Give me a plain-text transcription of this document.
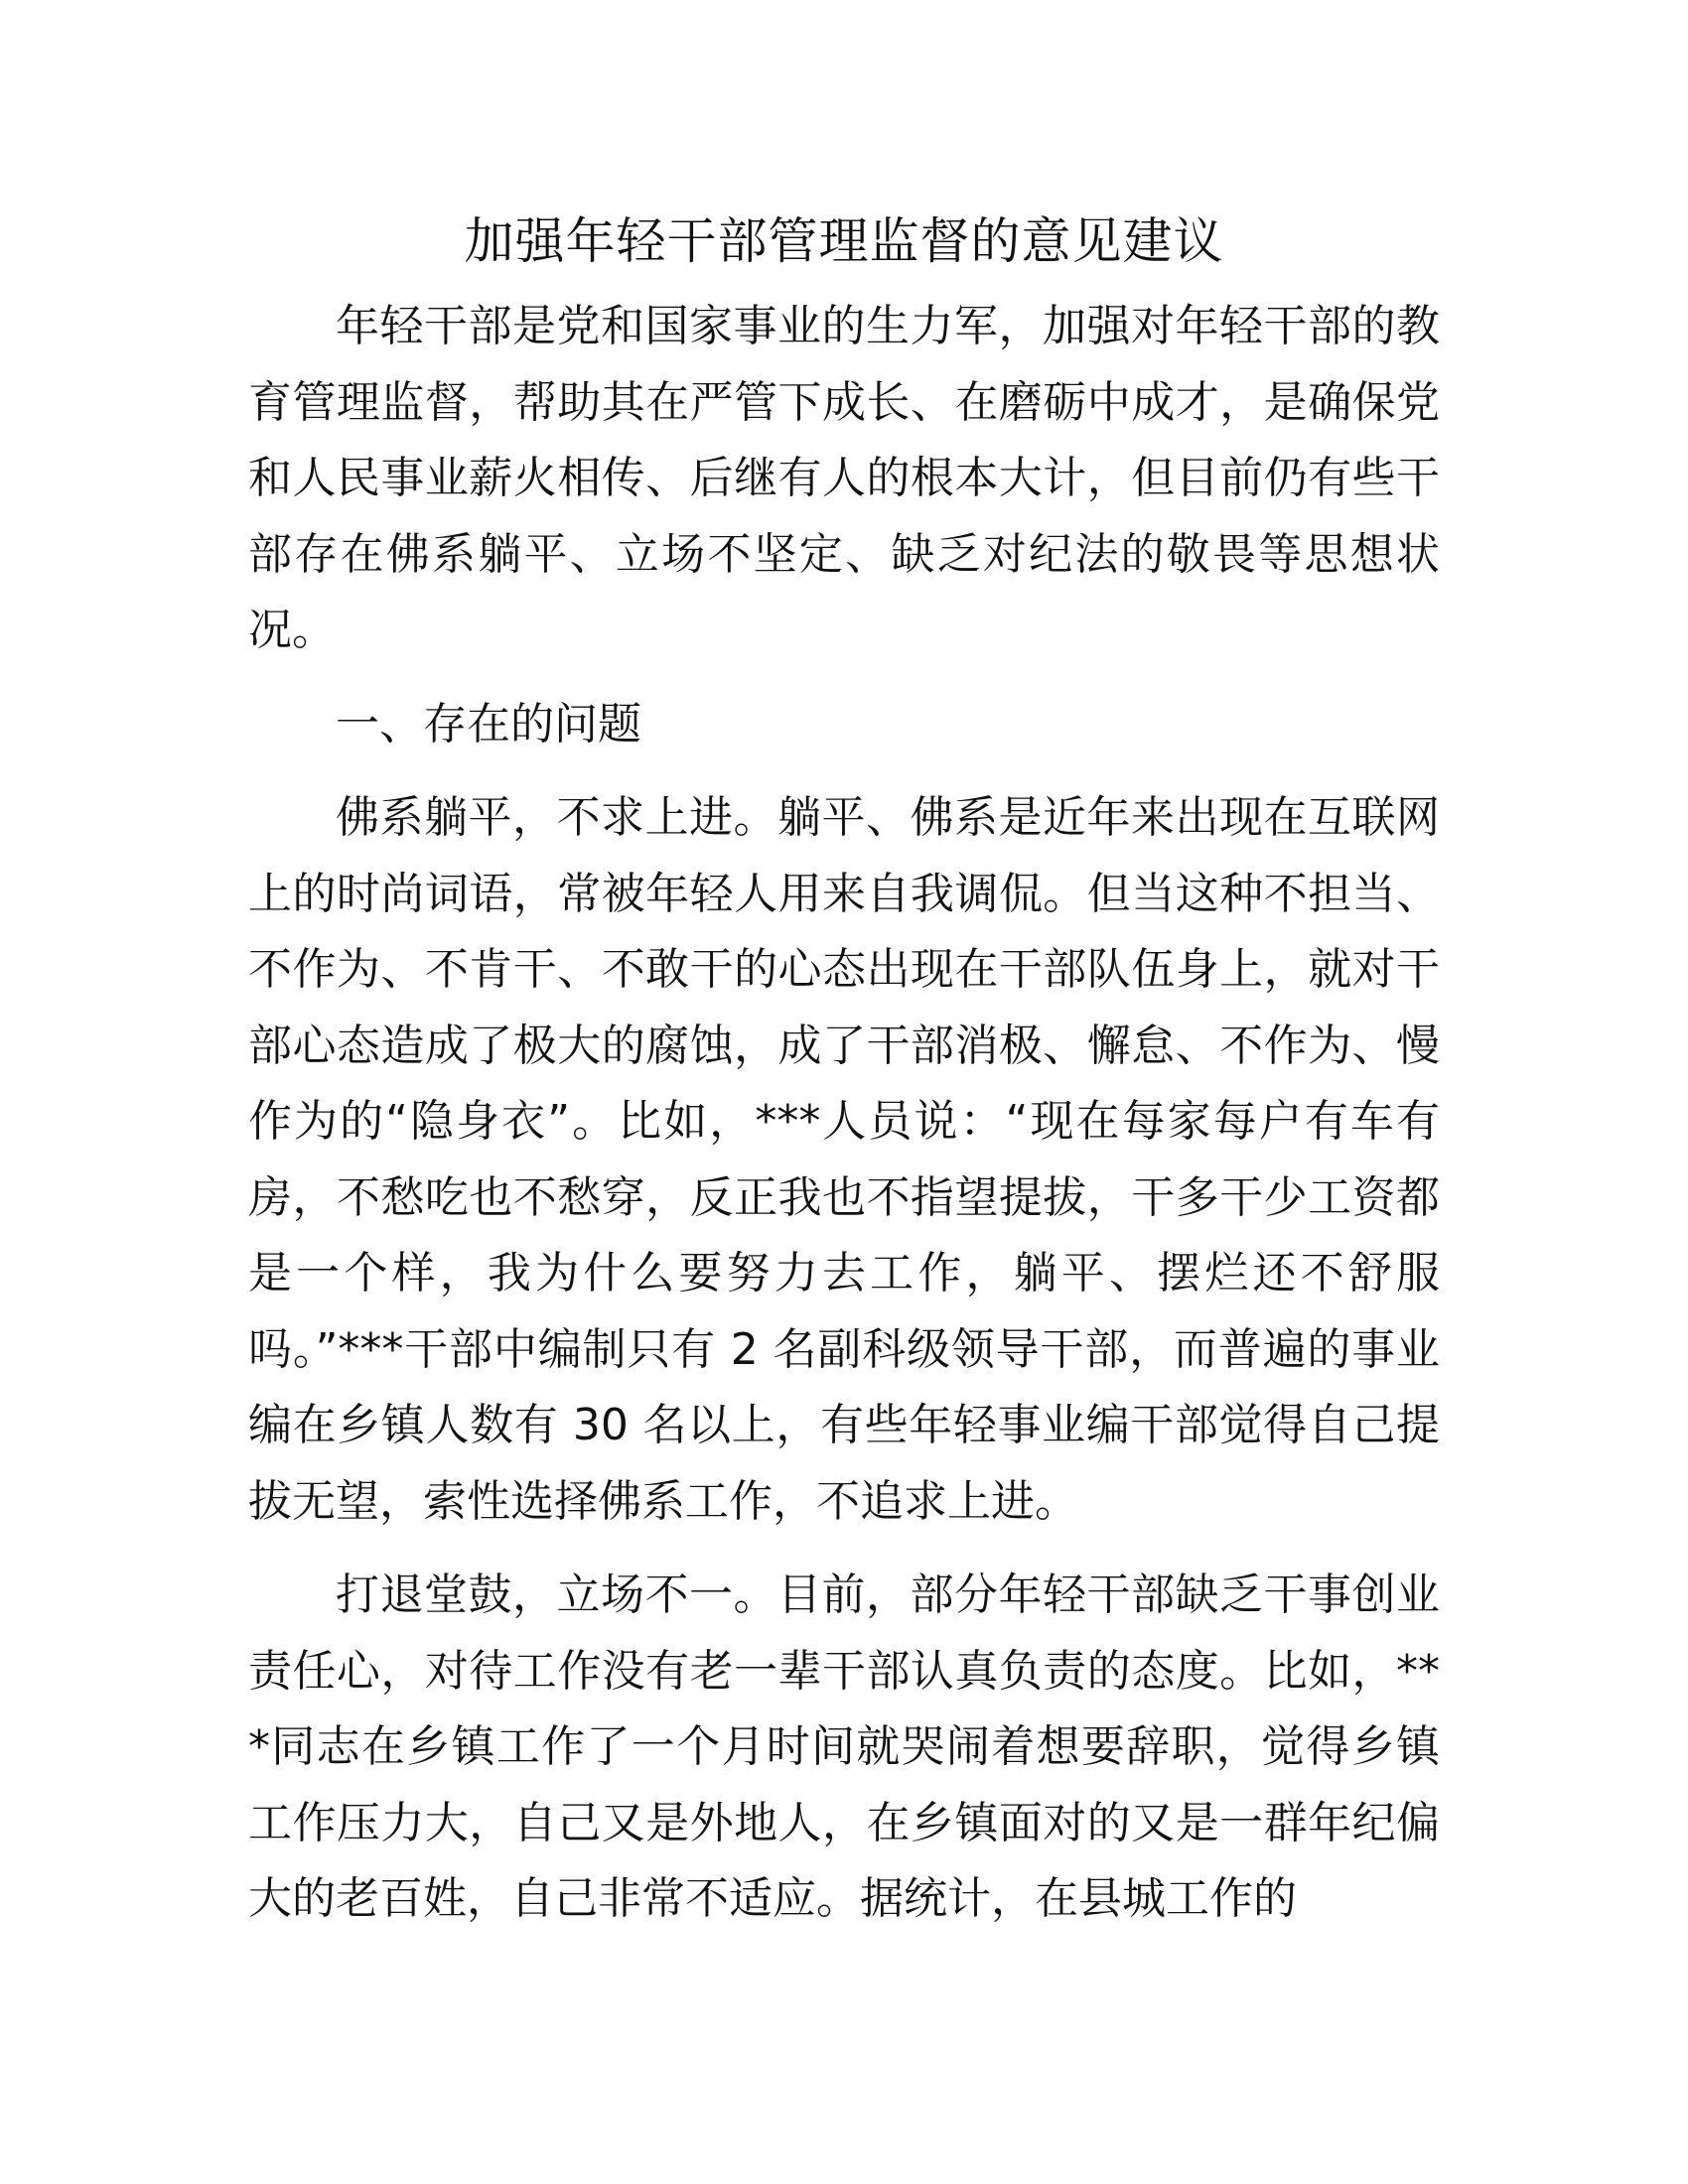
加强年轻干部管理监督的意见建议

年轻干部是党和国家事业的生力军，加强对年轻干部的教育管理监督，帮助其在严管下成长、在磨砺中成才，是确保党和人民事业薪火相传、后继有人的根本大计，但目前仍有些干部存在佛系躺平、立场不坚定、缺乏对纪法的敬畏等思想状况。

一、存在的问题

佛系躺平，不求上进。躺平、佛系是近年来出现在互联网上的时尚词语，常被年轻人用来自我调侃。但当这种不担当、不作为、不肯干、不敢干的心态出现在干部队伍身上，就对干部心态造成了极大的腐蚀，成了干部消极、懈怠、不作为、慢作为的“隐身衣”。比如，***人员说：“现在每家每户有车有房，不愁吃也不愁穿，反正我也不指望提拔，干多干少工资都是一个样，我为什么要努力去工作，躺平、摆烂还不舒服吗。”***干部中编制只有 2 名副科级领导干部，而普遍的事业编在乡镇人数有 30 名以上，有些年轻事业编干部觉得自己提拔无望，索性选择佛系工作，不追求上进。

打退堂鼓，立场不一。目前，部分年轻干部缺乏干事创业责任心，对待工作没有老一辈干部认真负责的态度。比如，***同志在乡镇工作了一个月时间就哭闹着想要辞职，觉得乡镇工作压力大，自己又是外地人，在乡镇面对的又是一群年纪偏大的老百姓，自己非常不适应。据统计，在县城工作的
